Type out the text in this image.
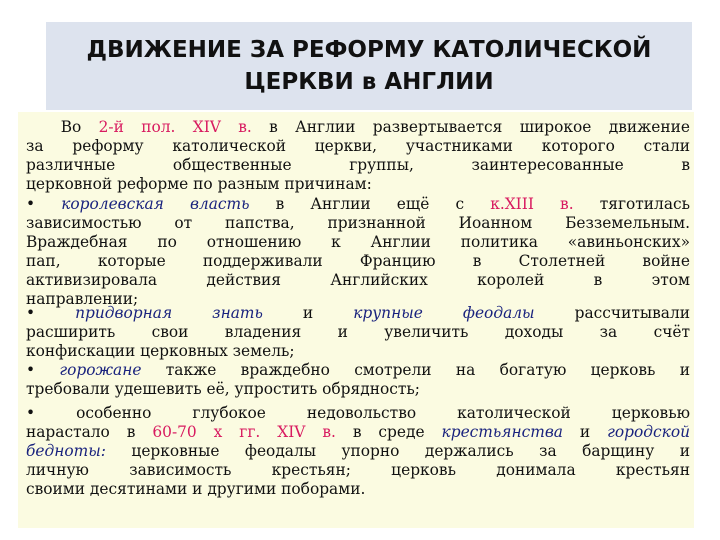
ДВИЖЕНИЕ ЗА РЕФОРМУ КАТОЛИЧЕСКОЙ
ЦЕРКВИ в АНГЛИИ
Во 2-й пол. XIV в. в Англии развертывается широкое движение
за реформу католической церкви, участниками которого стали
различные общественные группы, заинтересованные в
церковной реформе по разным причинам:
• королевская власть в Англии ещё с к.XIII в. тяготилась
зависимостью от папства, признанной Иоанном Безземельным.
Враждебная по отношению к Англии политика «авиньонских»
пап, которые поддерживали Францию в Столетней войне
активизировала действия Английских королей в этом
направлении;
• придворная знать и крупные феодалы рассчитывали
расширить свои владения и увеличить доходы за счёт
конфискации церковных земель;
• горожане также враждебно смотрели на богатую церковь и
требовали удешевить её, упростить обрядность;
• особенно глубокое недовольство католической церковью
нарастало в 60-70 х гг. XIV в. в среде крестьянства и городской
бедноты: церковные феодалы упорно держались за барщину и
личную зависимость крестьян; церковь донимала крестьян
своими десятинами и другими поборами.
